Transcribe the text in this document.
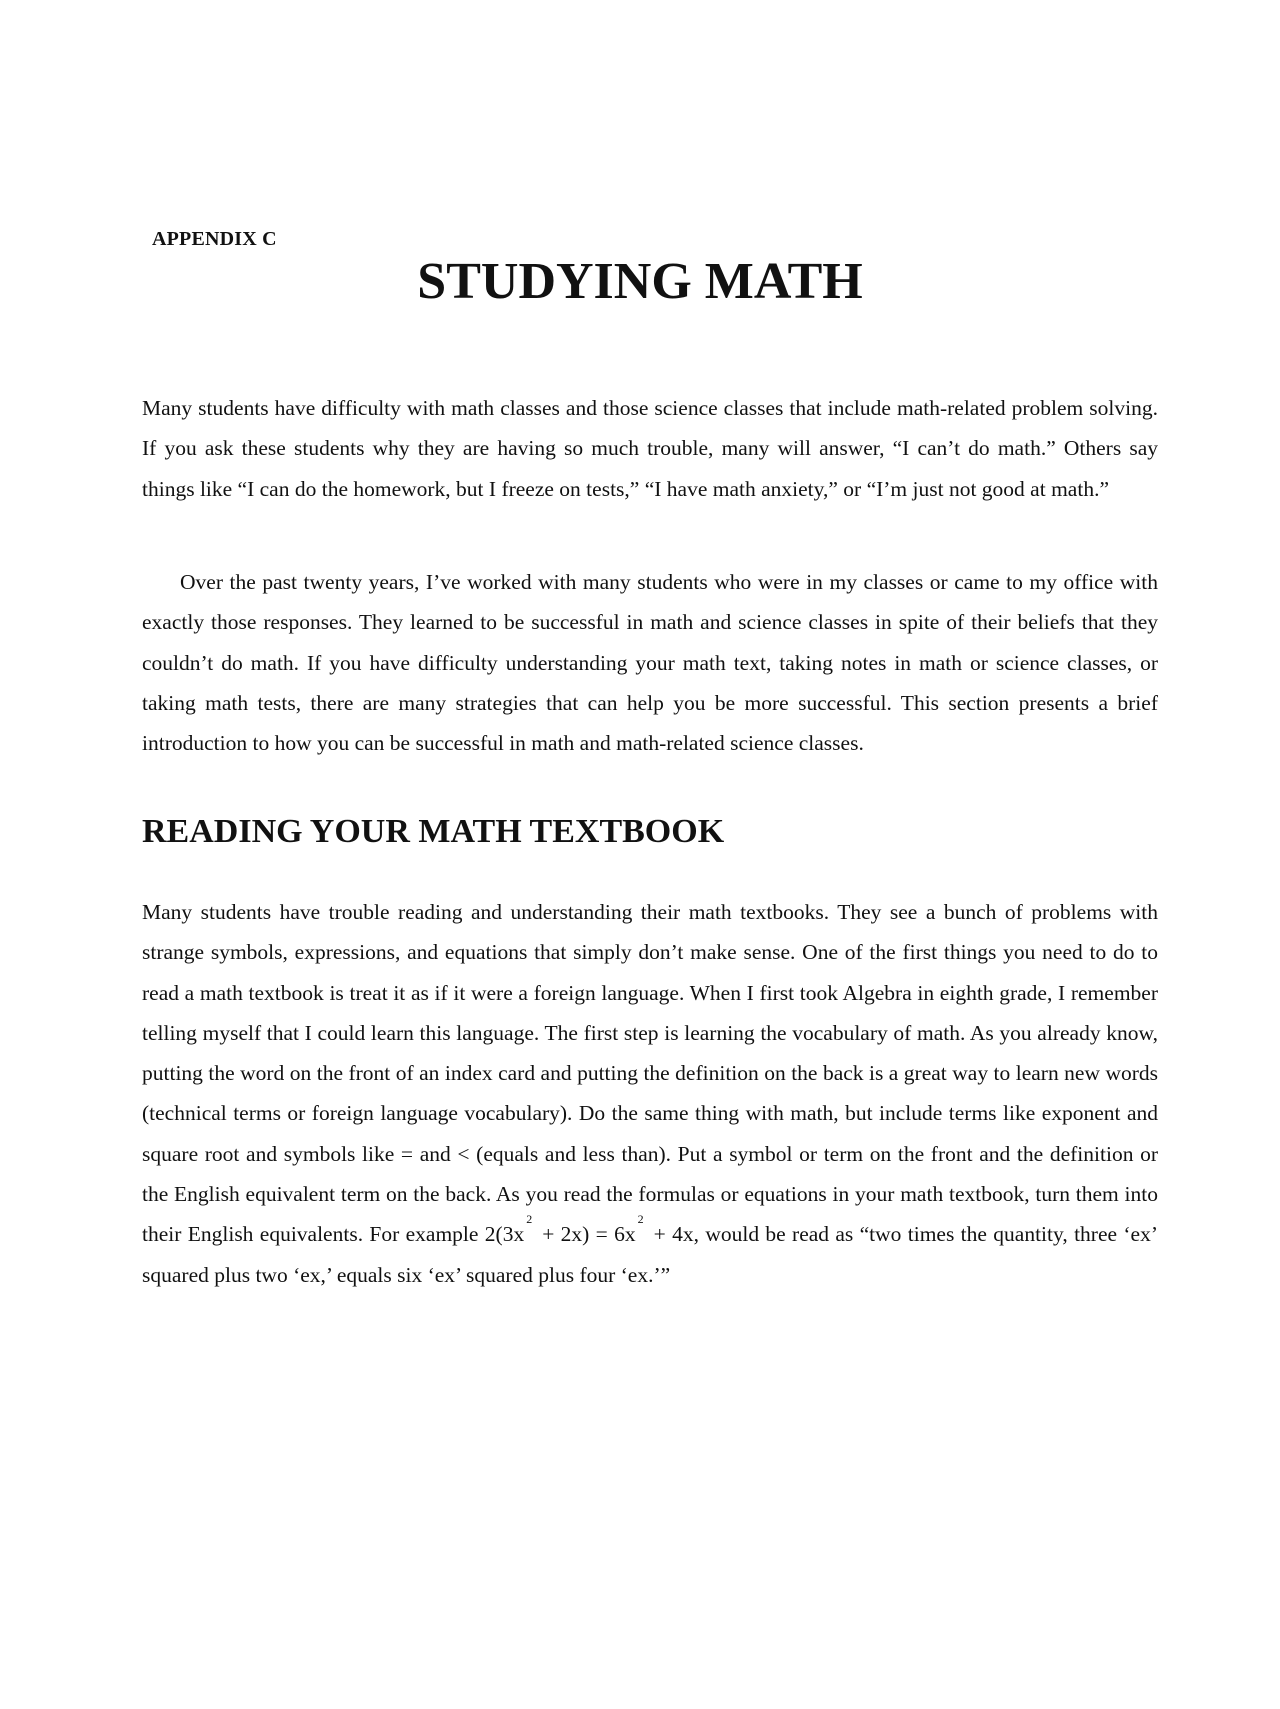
APPENDIX C
STUDYING MATH

Many students have difficulty with math classes and those science classes that include math-related problem solving. If you ask these students why they are having so much trouble, many will answer, “I can’t do math.” Others say things like “I can do the homework, but I freeze on tests,” “I have math anxiety,” or “I’m just not good at math.”

Over the past twenty years, I’ve worked with many students who were in my classes or came to my office with exactly those responses. They learned to be successful in math and science classes in spite of their beliefs that they couldn’t do math. If you have difficulty understanding your math text, taking notes in math or science classes, or taking math tests, there are many strategies that can help you be more successful. This section presents a brief introduction to how you can be successful in math and math-related science classes.

READING YOUR MATH TEXTBOOK

Many students have trouble reading and understanding their math textbooks. They see a bunch of problems with strange symbols, expressions, and equations that simply don’t make sense. One of the first things you need to do to read a math textbook is treat it as if it were a foreign language. When I first took Algebra in eighth grade, I remember telling myself that I could learn this language. The first step is learning the vocabulary of math. As you already know, putting the word on the front of an index card and putting the definition on the back is a great way to learn new words (technical terms or foreign language vocabulary). Do the same thing with math, but include terms like exponent and square root and symbols like = and < (equals and less than). Put a symbol or term on the front and the definition or the English equivalent term on the back. As you read the formulas or equations in your math textbook, turn them into their English equivalents. For example $2(3x^2+ 2x) = 6x^2+ 4x$, would be read as “two times the quantity, three ‘ex’ squared plus two ‘ex,’ equals six ‘ex’ squared plus four ‘ex.’”
